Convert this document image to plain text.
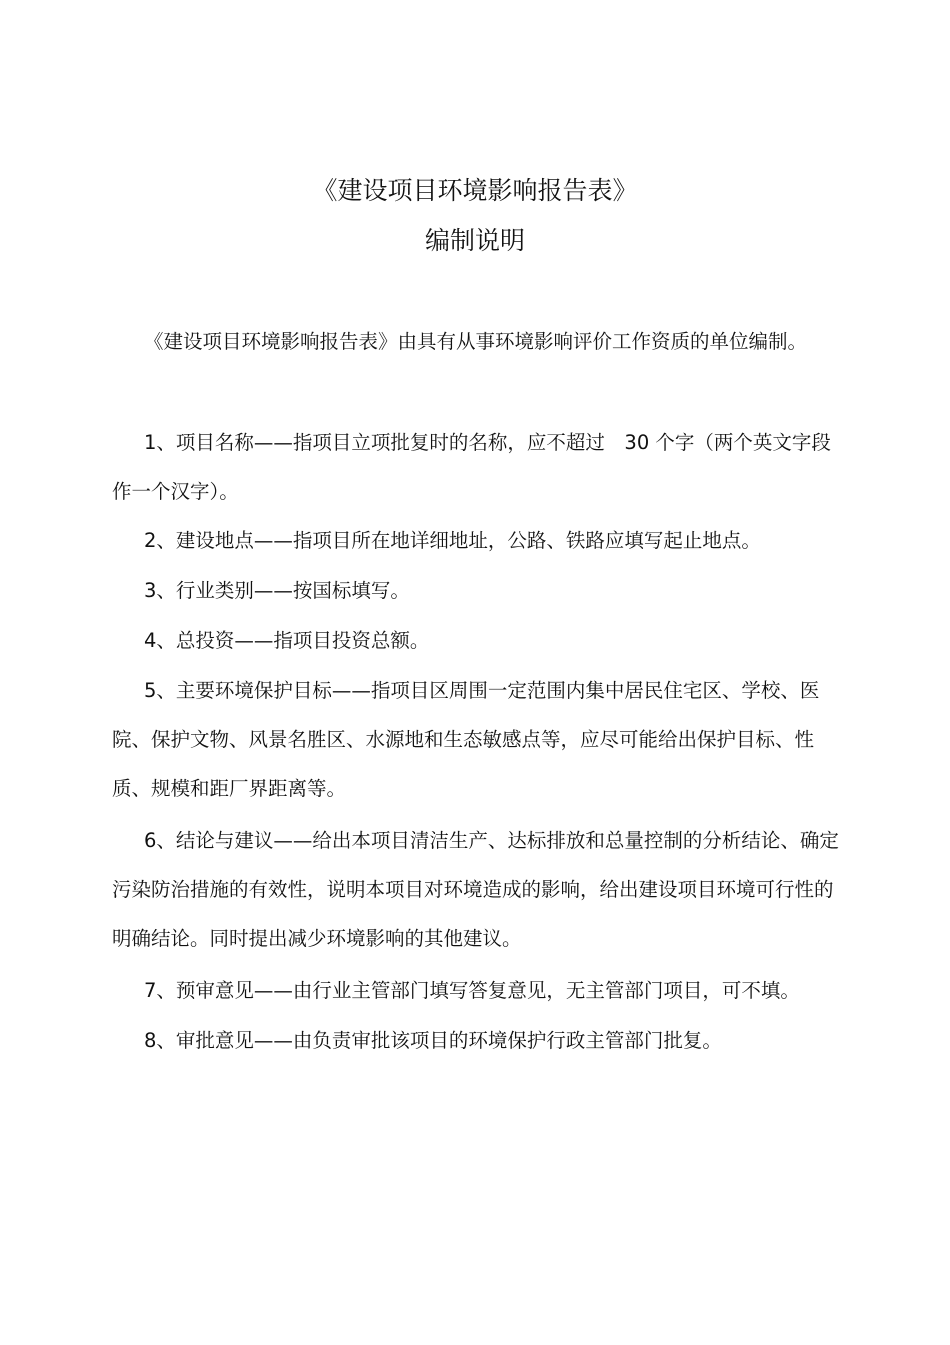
《建设项目环境影响报告表》
编制说明
《建设项目环境影响报告表》由具有从事环境影响评价工作资质的单位编制。
1、项目名称——指项目立项批复时的名称，应不超过　30 个字（两个英文字段作一个汉字）。
2、建设地点——指项目所在地详细地址，公路、铁路应填写起止地点。
3、行业类别——按国标填写。
4、总投资——指项目投资总额。
5、主要环境保护目标——指项目区周围一定范围内集中居民住宅区、学校、医院、保护文物、风景名胜区、水源地和生态敏感点等，应尽可能给出保护目标、性质、规模和距厂界距离等。
6、结论与建议——给出本项目清洁生产、达标排放和总量控制的分析结论、确定污染防治措施的有效性，说明本项目对环境造成的影响，给出建设项目环境可行性的明确结论。同时提出减少环境影响的其他建议。
7、预审意见——由行业主管部门填写答复意见，无主管部门项目，可不填。
8、审批意见——由负责审批该项目的环境保护行政主管部门批复。
